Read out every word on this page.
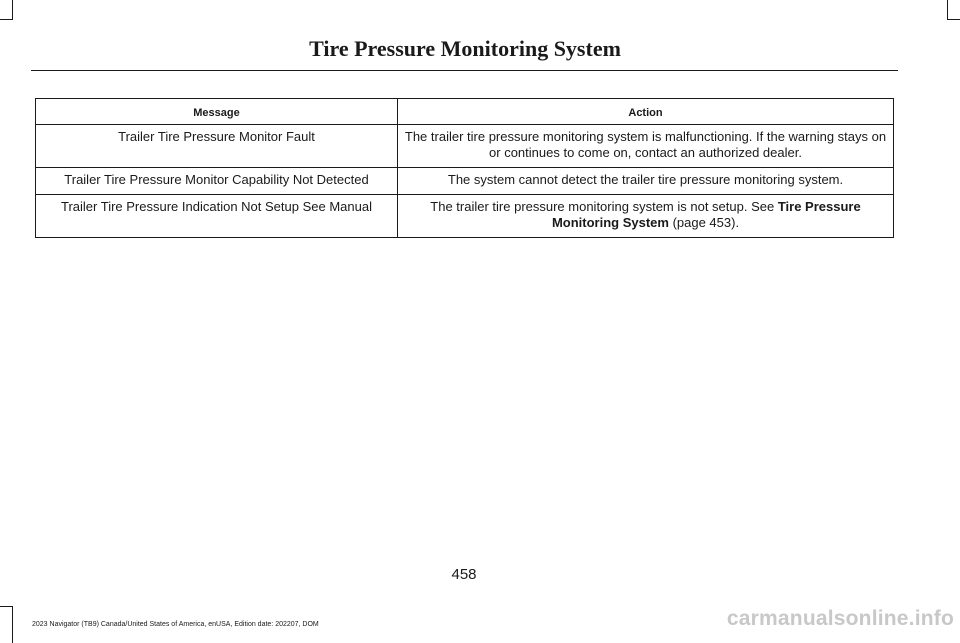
Tire Pressure Monitoring System
Message	Action
Trailer Tire Pressure Monitor Fault	The trailer tire pressure monitoring system is malfunctioning. If the warning stays on or continues to come on, contact an authorized dealer.
Trailer Tire Pressure Monitor Capability Not Detected	The system cannot detect the trailer tire pressure monitoring system.
Trailer Tire Pressure Indication Not Setup See Manual	The trailer tire pressure monitoring system is not setup. See Tire Pressure Monitoring System (page 453).
458
2023 Navigator (TB9) Canada/United States of America, enUSA, Edition date: 202207, DOM	carmanualsonline.info
